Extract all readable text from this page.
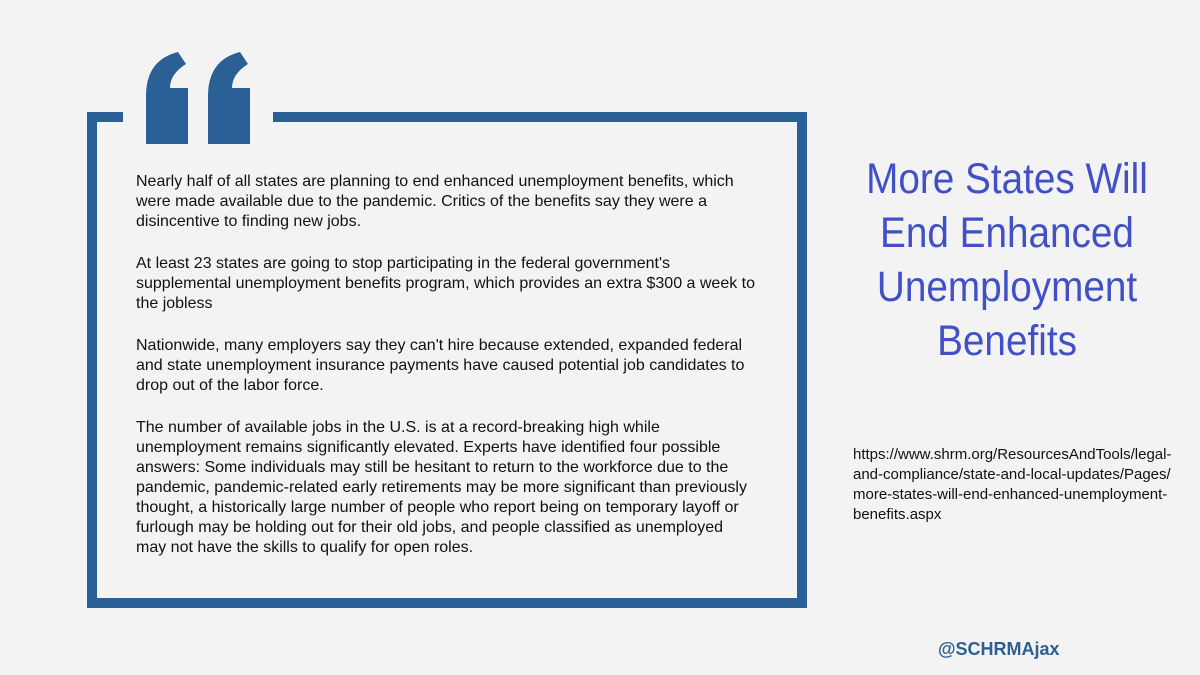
Nearly half of all states are planning to end enhanced unemployment benefits, which were made available due to the pandemic. Critics of the benefits say they were a disincentive to finding new jobs.

At least 23 states are going to stop participating in the federal government's supplemental unemployment benefits program, which provides an extra $300 a week to the jobless

Nationwide, many employers say they can't hire because extended, expanded federal and state unemployment insurance payments have caused potential job candidates to drop out of the labor force.

The number of available jobs in the U.S. is at a record-breaking high while unemployment remains significantly elevated. Experts have identified four possible answers: Some individuals may still be hesitant to return to the workforce due to the pandemic, pandemic-related early retirements may be more significant than previously thought, a historically large number of people who report being on temporary layoff or furlough may be holding out for their old jobs, and people classified as unemployed may not have the skills to qualify for open roles.

More States Will End Enhanced Unemployment Benefits
https://www.shrm.org/ResourcesAndTools/legal-and-compliance/state-and-local-updates/Pages/more-states-will-end-enhanced-unemployment-benefits.aspx
@SCHRMAjax
